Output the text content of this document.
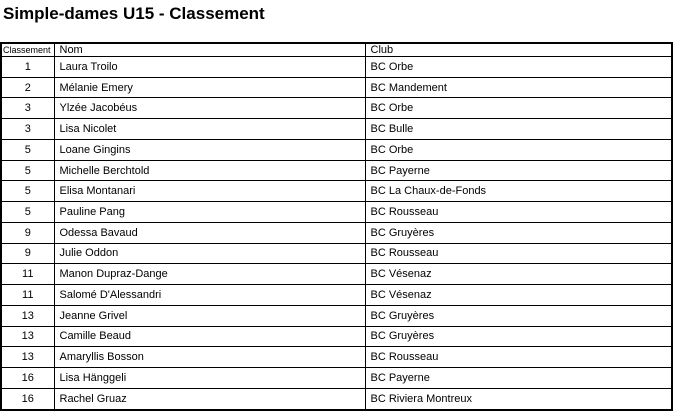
Simple-dames U15 - Classement
Classement	Nom	Club
1	Laura Troilo	BC Orbe
2	Mélanie Emery	BC Mandement
3	Ylzée Jacobéus	BC Orbe
3	Lisa Nicolet	BC Bulle
5	Loane Gingins	BC Orbe
5	Michelle Berchtold	BC Payerne
5	Elisa Montanari	BC La Chaux-de-Fonds
5	Pauline Pang	BC Rousseau
9	Odessa Bavaud	BC Gruyères
9	Julie Oddon	BC Rousseau
11	Manon Dupraz-Dange	BC Vésenaz
11	Salomé D'Alessandri	BC Vésenaz
13	Jeanne Grivel	BC Gruyères
13	Camille Beaud	BC Gruyères
13	Amaryllis Bosson	BC Rousseau
16	Lisa Hänggeli	BC Payerne
16	Rachel Gruaz	BC Riviera Montreux
